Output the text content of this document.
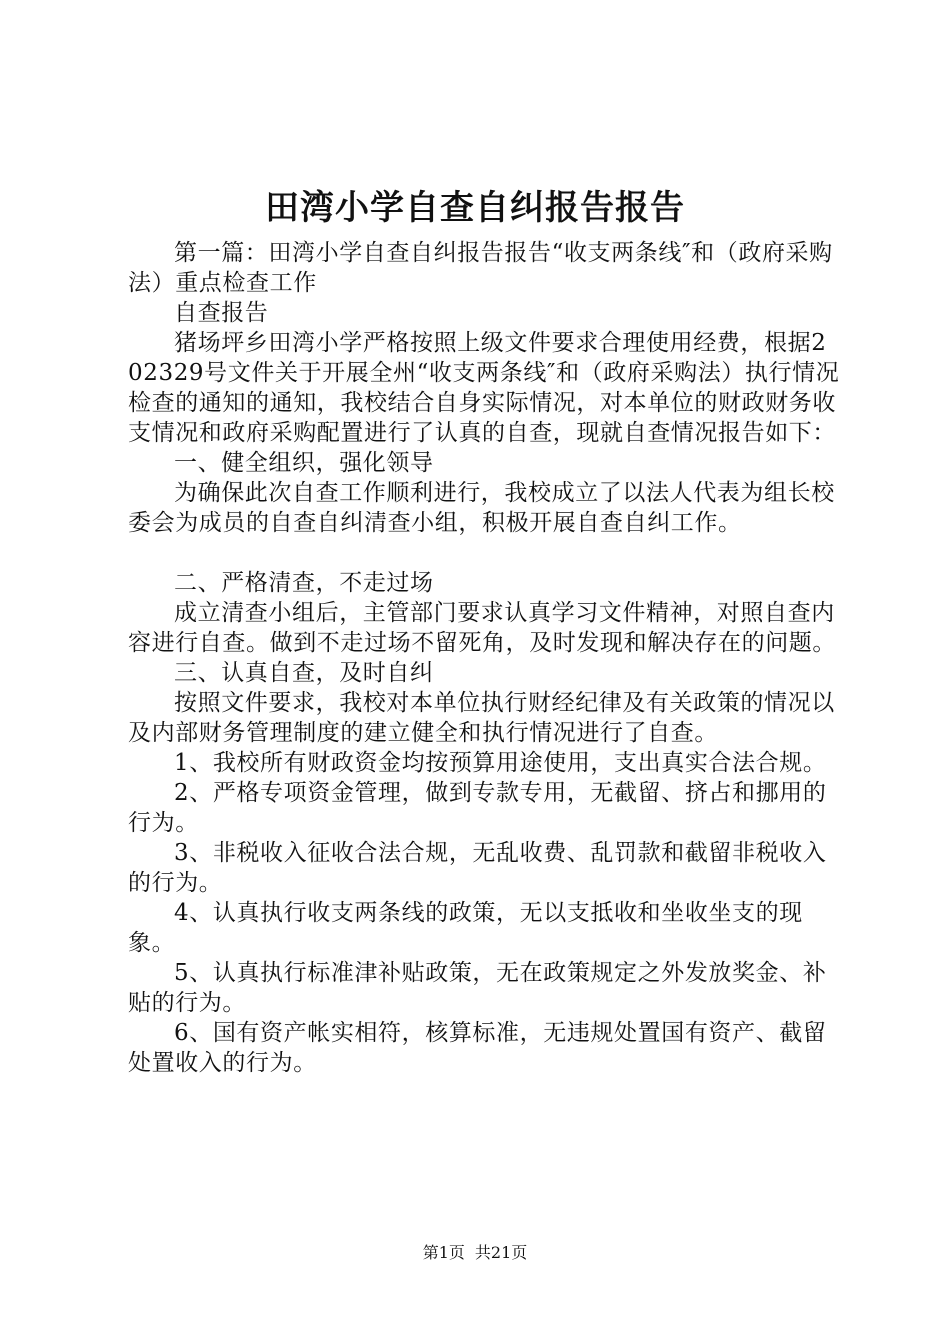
田湾小学自查自纠报告报告

第一篇：田湾小学自查自纠报告报告“收支两条线″和（政府采购法）重点检查工作

自查报告

猪场坪乡田湾小学严格按照上级文件要求合理使用经费，根据202329号文件关于开展全州“收支两条线″和（政府采购法）执行情况检查的通知的通知，我校结合自身实际情况，对本单位的财政财务收支情况和政府采购配置进行了认真的自查，现就自查情况报告如下：

一、健全组织，强化领导

为确保此次自查工作顺利进行，我校成立了以法人代表为组长校委会为成员的自查自纠清查小组，积极开展自查自纠工作。

二、严格清查，不走过场

成立清查小组后，主管部门要求认真学习文件精神，对照自查内容进行自查。做到不走过场不留死角，及时发现和解决存在的问题。

三、认真自查，及时自纠

按照文件要求，我校对本单位执行财经纪律及有关政策的情况以及内部财务管理制度的建立健全和执行情况进行了自查。

1、我校所有财政资金均按预算用途使用，支出真实合法合规。

2、严格专项资金管理，做到专款专用，无截留、挤占和挪用的行为。

3、非税收入征收合法合规，无乱收费、乱罚款和截留非税收入的行为。

4、认真执行收支两条线的政策，无以支抵收和坐收坐支的现象。

5、认真执行标准津补贴政策，无在政策规定之外发放奖金、补贴的行为。

6、国有资产帐实相符，核算标准，无违规处置国有资产、截留处置收入的行为。

第1页 共21页
